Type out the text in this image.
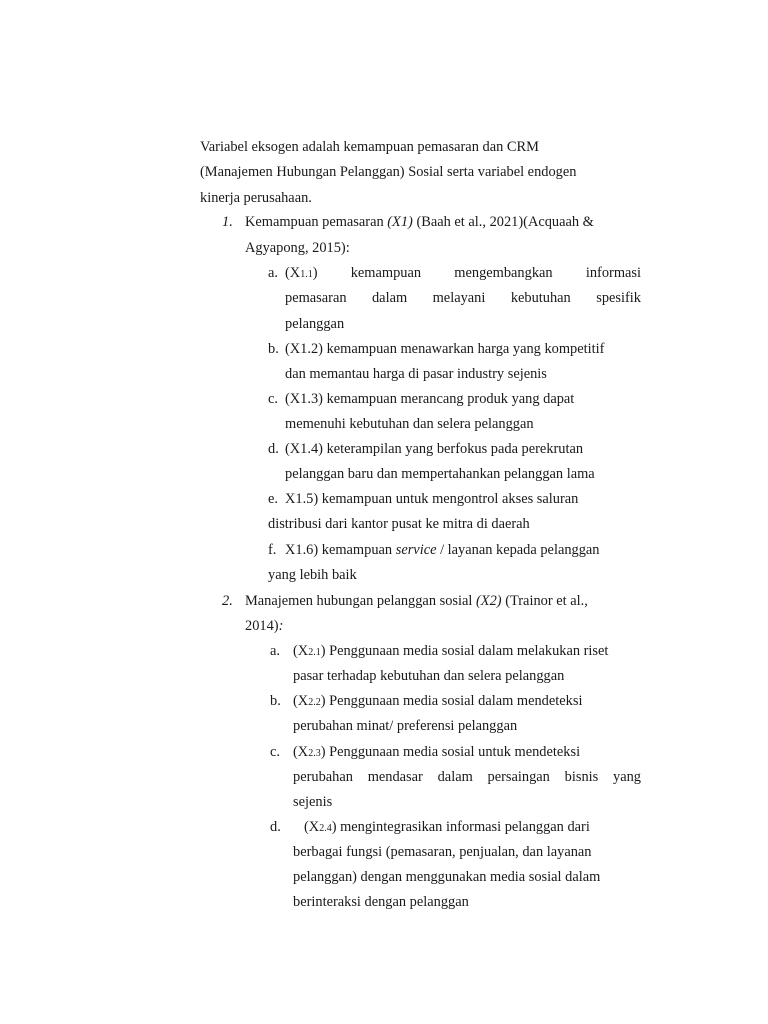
Variabel eksogen adalah kemampuan pemasaran dan CRM
(Manajemen Hubungan Pelanggan) Sosial serta variabel endogen
kinerja perusahaan.
1. Kemampuan pemasaran (X1) (Baah et al., 2021)(Acquaah &
Agyapong, 2015):
a. (X1.1) kemampuan mengembangkan informasi
pemasaran dalam melayani kebutuhan spesifik
pelanggan
b. (X1.2) kemampuan menawarkan harga yang kompetitif
dan memantau harga di pasar industry sejenis
c. (X1.3) kemampuan merancang produk yang dapat
memenuhi kebutuhan dan selera pelanggan
d. (X1.4) keterampilan yang berfokus pada perekrutan
pelanggan baru dan mempertahankan pelanggan lama
e. X1.5) kemampuan untuk mengontrol akses saluran
distribusi dari kantor pusat ke mitra di daerah
f. X1.6) kemampuan service / layanan kepada pelanggan
yang lebih baik
2. Manajemen hubungan pelanggan sosial (X2) (Trainor et al.,
2014):
a. (X2.1) Penggunaan media sosial dalam melakukan riset
pasar terhadap kebutuhan dan selera pelanggan
b. (X2.2) Penggunaan media sosial dalam mendeteksi
perubahan minat/ preferensi pelanggan
c. (X2.3) Penggunaan media sosial untuk mendeteksi
perubahan mendasar dalam persaingan bisnis yang
sejenis
d. (X2.4) mengintegrasikan informasi pelanggan dari
berbagai fungsi (pemasaran, penjualan, dan layanan
pelanggan) dengan menggunakan media sosial dalam
berinteraksi dengan pelanggan
